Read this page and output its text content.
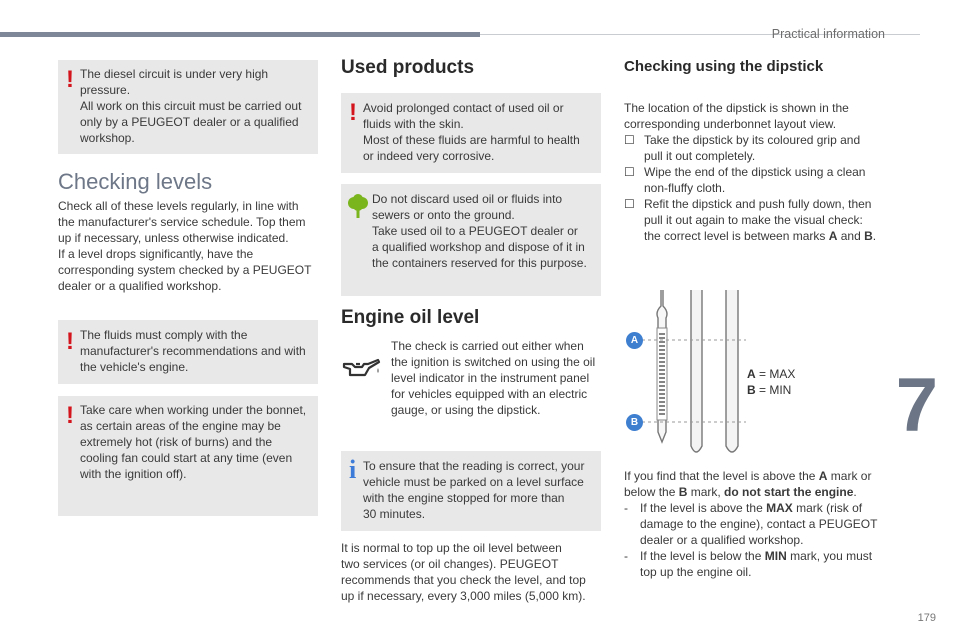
Practical information
7
179
! The diesel circuit is under very high

pressure.

All work on this circuit must be carried out

only by a PEUGEOT dealer or a qualified

workshop.

Checking levels
Check all of these levels regularly, in line with
the manufacturer's service schedule. Top them
up if necessary, unless otherwise indicated.
If a level drops significantly, have the
corresponding system checked by a PEUGEOT
dealer or a qualified workshop.
! The fluids must comply with the

manufacturer's recommendations and with

the vehicle's engine.

! Take care when working under the bonnet,

as certain areas of the engine may be

extremely hot (risk of burns) and the

cooling fan could start at any time (even

with the ignition off).

Used products
! Avoid prolonged contact of used oil or

fluids with the skin.

Most of these fluids are harmful to health

or indeed very corrosive.

Do not discard used oil or fluids into

sewers or onto the ground.

Take used oil to a PEUGEOT dealer or

a qualified workshop and dispose of it in

the containers reserved for this purpose.

Engine oil level
The check is carried out either when
the ignition is switched on using the oil
level indicator in the instrument panel
for vehicles equipped with an electric
gauge, or using the dipstick.
i To ensure that the reading is correct, your

vehicle must be parked on a level surface

with the engine stopped for more than

30 minutes.

It is normal to top up the oil level between
two services (or oil changes). PEUGEOT
recommends that you check the level, and top
up if necessary, every 3,000 miles (5,000 km).
Checking using the dipstick
The location of the dipstick is shown in the
corresponding underbonnet layout view.
☐ Take the dipstick by its coloured grip and
pull it out completely.
☐ Wipe the end of the dipstick using a clean
non-fluffy cloth.
☐ Refit the dipstick and push fully down, then
pull it out again to make the visual check:
the correct level is between marks A and B.
A
B
A = MAX
B = MIN
If you find that the level is above the A mark or
below the B mark, do not start the engine.
- If the level is above the MAX mark (risk of
damage to the engine), contact a PEUGEOT
dealer or a qualified workshop.
- If the level is below the MIN mark, you must
top up the engine oil.
